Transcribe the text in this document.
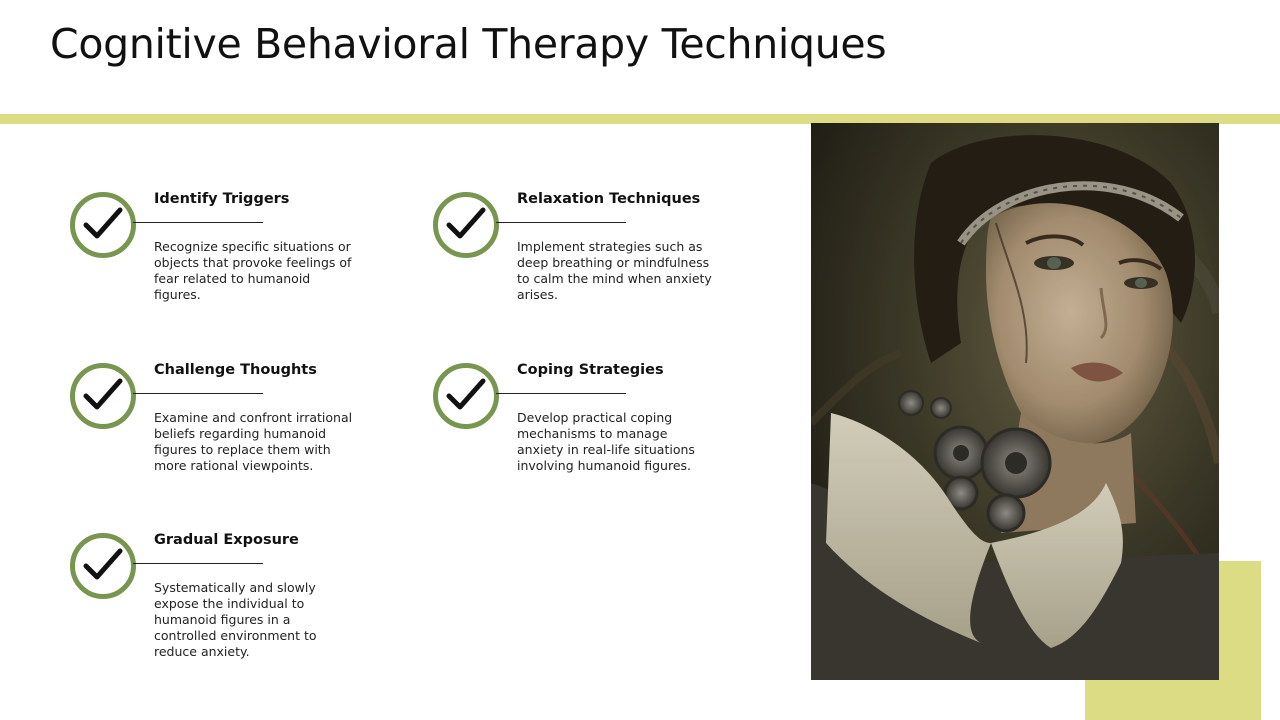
Cognitive Behavioral Therapy Techniques
Identify Triggers
Recognize specific situations or objects that provoke feelings of fear related to humanoid figures.
Relaxation Techniques
Implement strategies such as deep breathing or mindfulness to calm the mind when anxiety arises.
Challenge Thoughts
Examine and confront irrational beliefs regarding humanoid figures to replace them with more rational viewpoints.
Coping Strategies
Develop practical coping mechanisms to manage anxiety in real-life situations involving humanoid figures.
Gradual Exposure
Systematically and slowly expose the individual to humanoid figures in a controlled environment to reduce anxiety.
